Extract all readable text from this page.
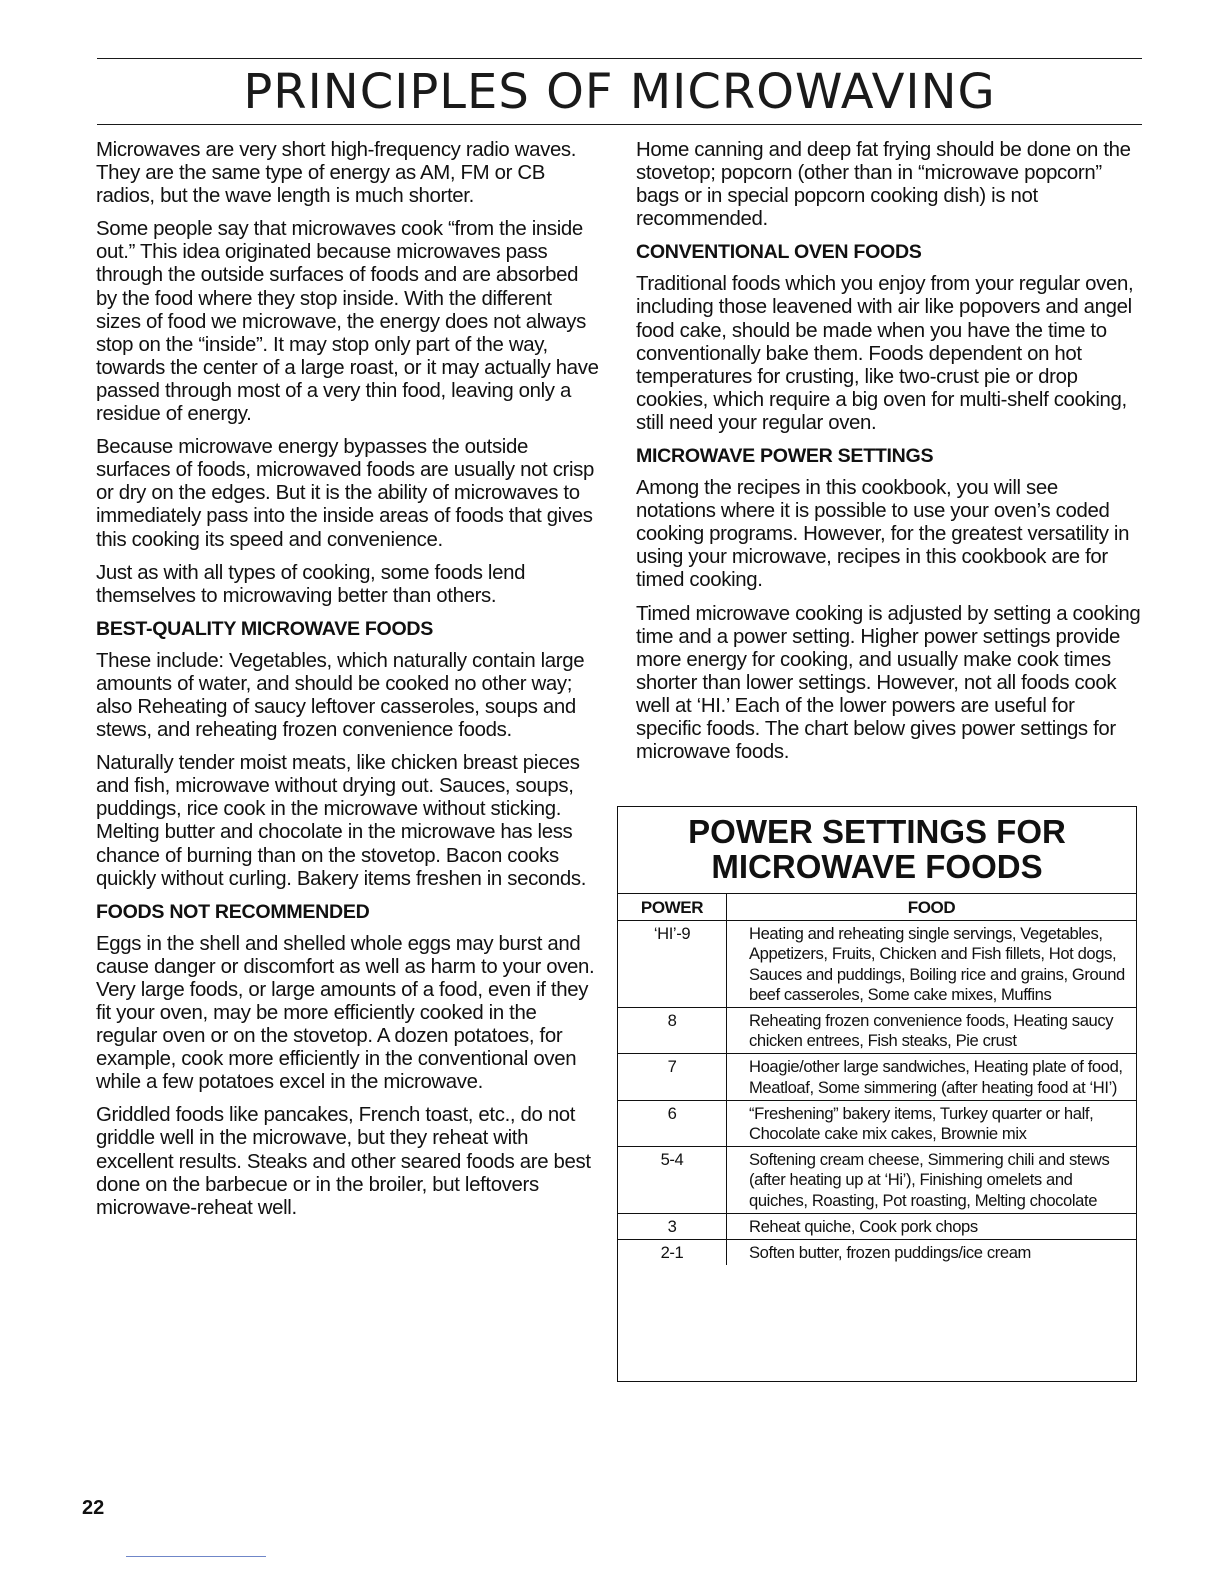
PRINCIPLES OF MICROWAVING

Microwaves are very short high-frequency radio waves. They are the same type of energy as AM, FM or CB radios, but the wave length is much shorter.

Some people say that microwaves cook “from the inside out.” This idea originated because microwaves pass through the outside surfaces of foods and are absorbed by the food where they stop inside. With the different sizes of food we microwave, the energy does not always stop on the “inside”. It may stop only part of the way, towards the center of a large roast, or it may actually have passed through most of a very thin food, leaving only a residue of energy.

Because microwave energy bypasses the outside surfaces of foods, microwaved foods are usually not crisp or dry on the edges. But it is the ability of microwaves to immediately pass into the inside areas of foods that gives this cooking its speed and convenience.

Just as with all types of cooking, some foods lend themselves to microwaving better than others.

BEST-QUALITY MICROWAVE FOODS

These include: Vegetables, which naturally contain large amounts of water, and should be cooked no other way; also Reheating of saucy leftover casseroles, soups and stews, and reheating frozen convenience foods.

Naturally tender moist meats, like chicken breast pieces and fish, microwave without drying out. Sauces, soups, puddings, rice cook in the microwave without sticking. Melting butter and chocolate in the microwave has less chance of burning than on the stovetop. Bacon cooks quickly without curling. Bakery items freshen in seconds.

FOODS NOT RECOMMENDED

Eggs in the shell and shelled whole eggs may burst and cause danger or discomfort as well as harm to your oven. Very large foods, or large amounts of a food, even if they fit your oven, may be more efficiently cooked in the regular oven or on the stovetop. A dozen potatoes, for example, cook more efficiently in the conventional oven while a few potatoes excel in the microwave.

Griddled foods like pancakes, French toast, etc., do not griddle well in the microwave, but they reheat with excellent results. Steaks and other seared foods are best done on the barbecue or in the broiler, but leftovers microwave-reheat well.

Home canning and deep fat frying should be done on the stovetop; popcorn (other than in “microwave popcorn” bags or in special popcorn cooking dish) is not recommended.

CONVENTIONAL OVEN FOODS

Traditional foods which you enjoy from your regular oven, including those leavened with air like popovers and angel food cake, should be made when you have the time to conventionally bake them. Foods dependent on hot temperatures for crusting, like two-crust pie or drop cookies, which require a big oven for multi-shelf cooking, still need your regular oven.

MICROWAVE POWER SETTINGS

Among the recipes in this cookbook, you will see notations where it is possible to use your oven’s coded cooking programs. However, for the greatest versatility in using your microwave, recipes in this cookbook are for timed cooking.

Timed microwave cooking is adjusted by setting a cooking time and a power setting. Higher power settings provide more energy for cooking, and usually make cook times shorter than lower settings. However, not all foods cook well at ‘HI.’ Each of the lower powers are useful for specific foods. The chart below gives power settings for microwave foods.

POWER SETTINGS FOR
MICROWAVE FOODS
POWER	FOOD
‘HI’-9	Heating and reheating single servings, Vegetables, Appetizers, Fruits, Chicken and Fish fillets, Hot dogs, Sauces and puddings, Boiling rice and grains, Ground beef casseroles, Some cake mixes, Muffins
8	Reheating frozen convenience foods, Heating saucy chicken entrees, Fish steaks, Pie crust
7	Hoagie/other large sandwiches, Heating plate of food, Meatloaf, Some simmering (after heating food at ‘HI’)
6	“Freshening” bakery items, Turkey quarter or half, Chocolate cake mix cakes, Brownie mix
5-4	Softening cream cheese, Simmering chili and stews (after heating up at ‘Hi’), Finishing omelets and quiches, Roasting, Pot roasting, Melting chocolate
3	Reheat quiche, Cook pork chops
2-1	Soften butter, frozen puddings/ice cream
22
